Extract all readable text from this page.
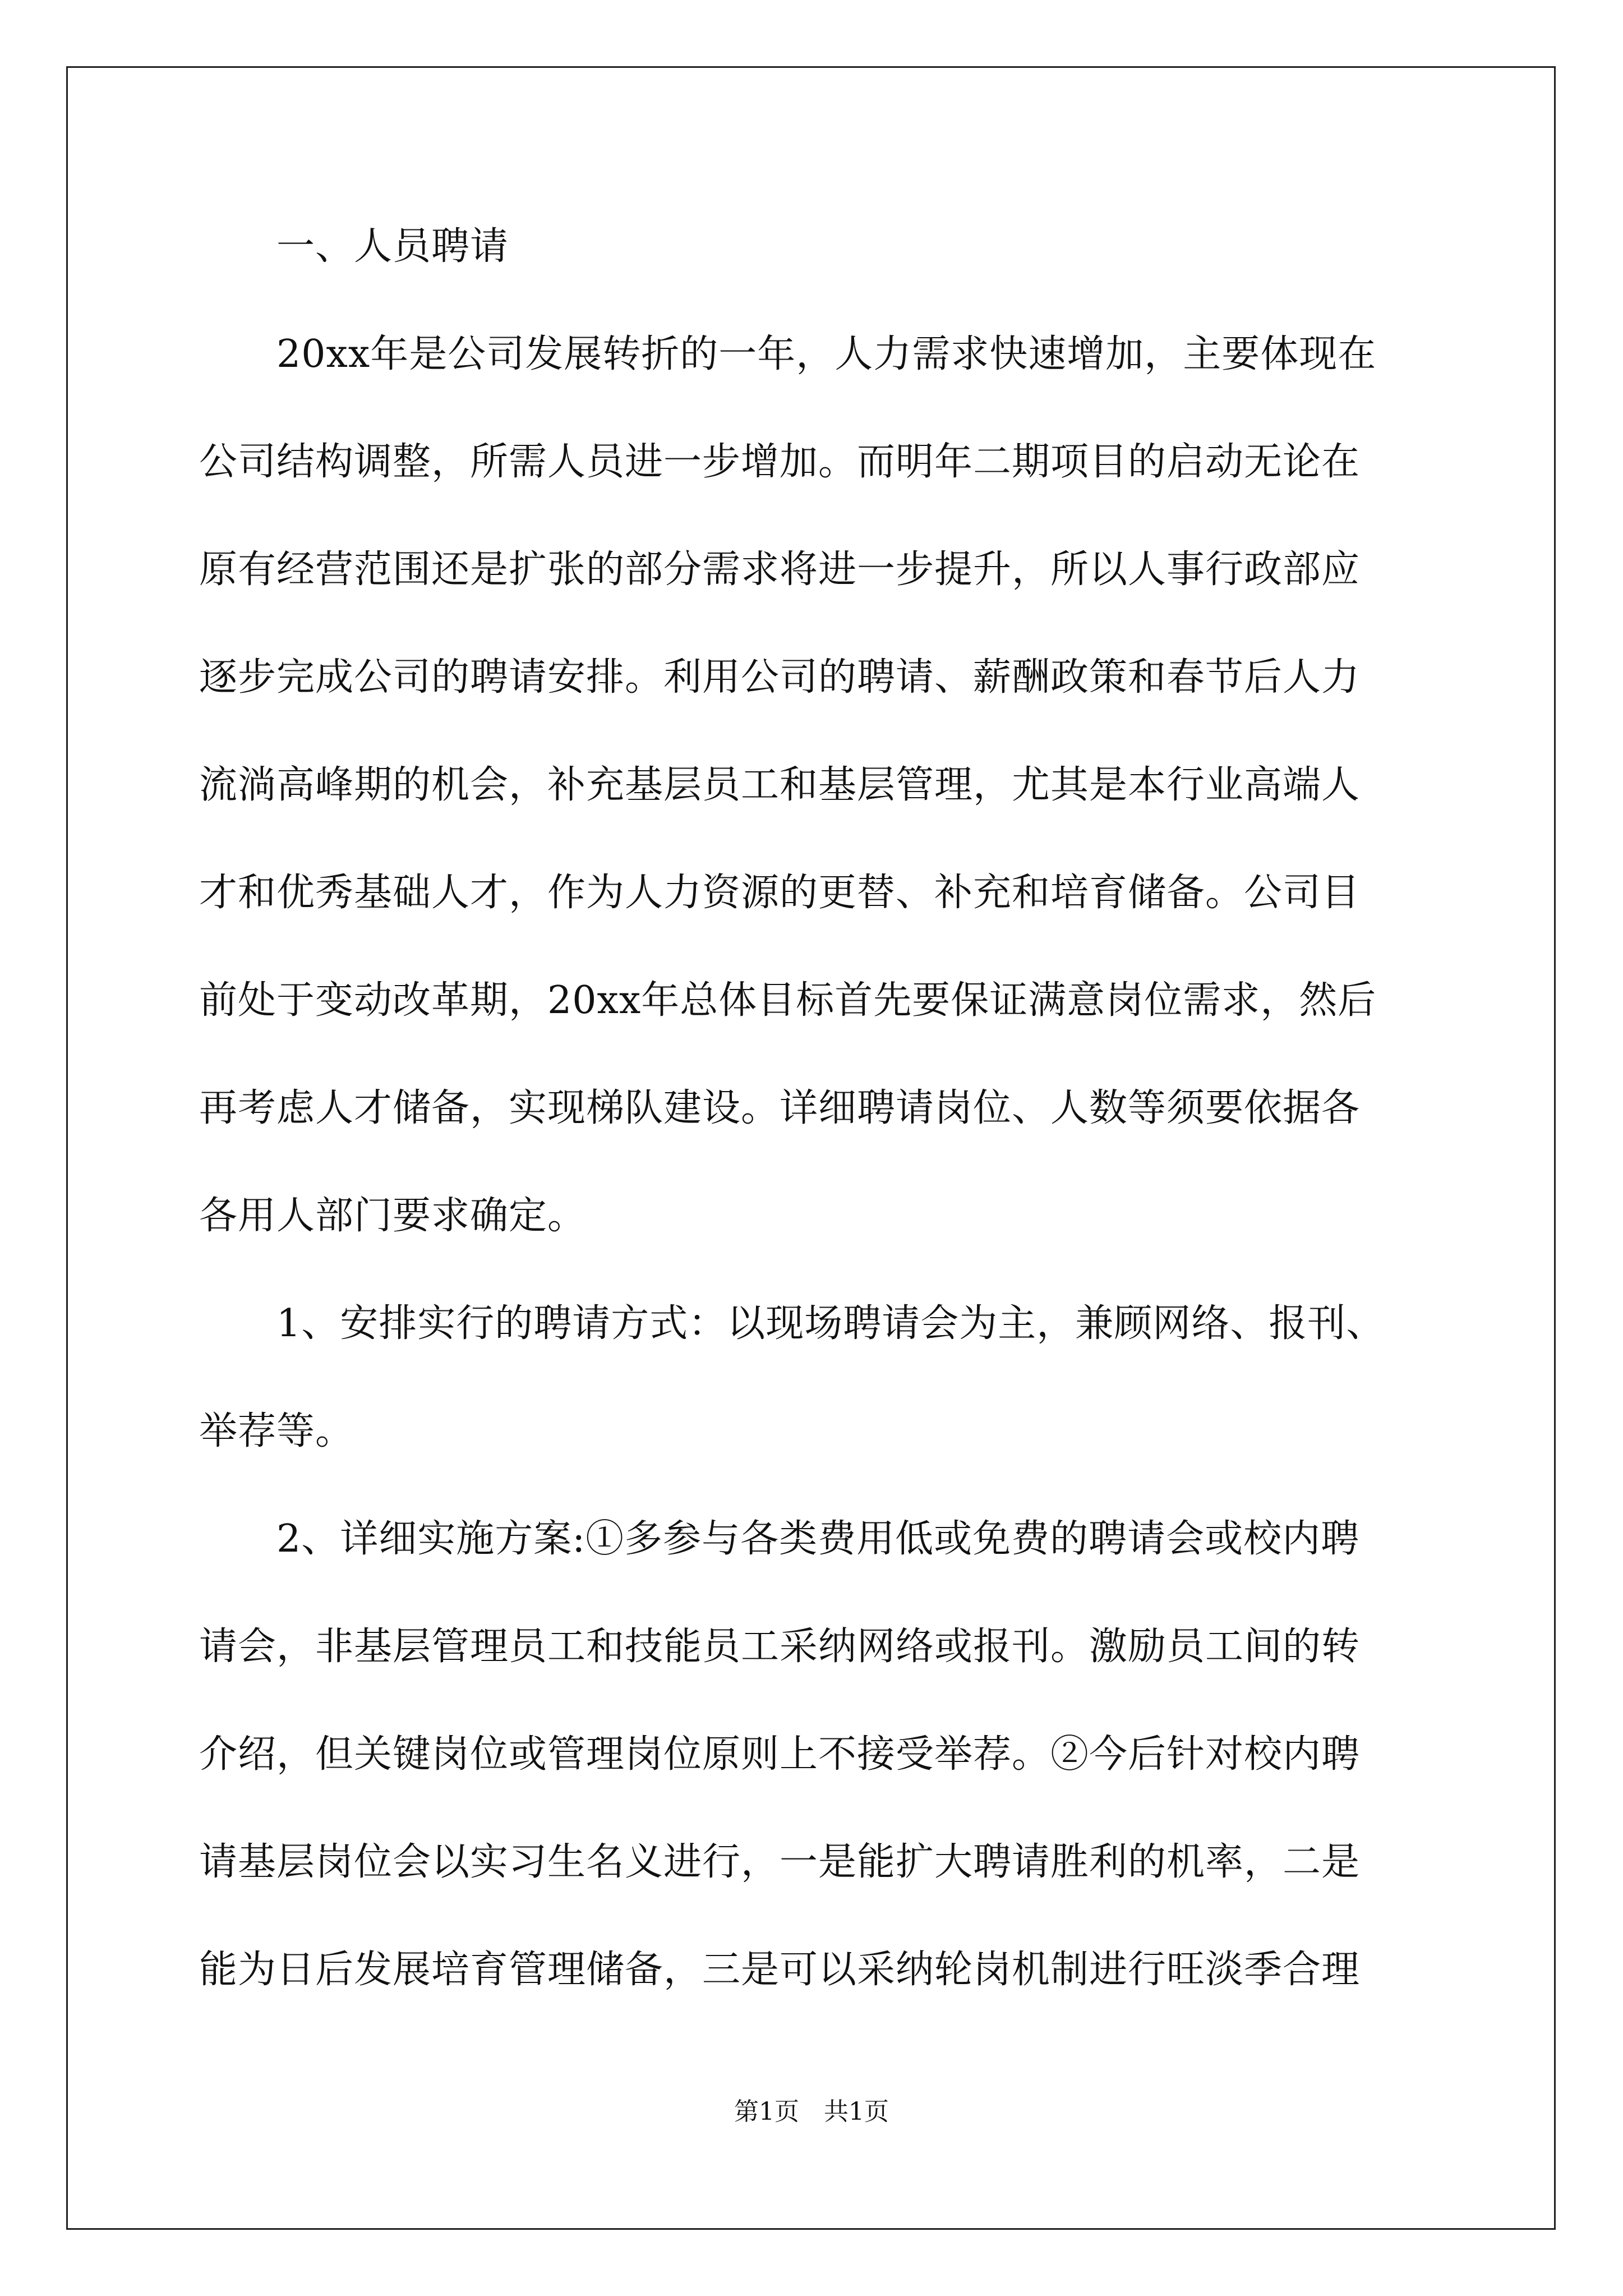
　　一、人员聘请
　　20xx年是公司发展转折的一年，人力需求快速增加，主要体现在
公司结构调整，所需人员进一步增加。而明年二期项目的启动无论在
原有经营范围还是扩张的部分需求将进一步提升，所以人事行政部应
逐步完成公司的聘请安排。利用公司的聘请、薪酬政策和春节后人力
流淌高峰期的机会，补充基层员工和基层管理，尤其是本行业高端人
才和优秀基础人才，作为人力资源的更替、补充和培育储备。公司目
前处于变动改革期，20xx年总体目标首先要保证满意岗位需求，然后
再考虑人才储备，实现梯队建设。详细聘请岗位、人数等须要依据各
各用人部门要求确定。
　　1、安排实行的聘请方式：以现场聘请会为主，兼顾网络、报刊、
举荐等。
　　2、详细实施方案:①多参与各类费用低或免费的聘请会或校内聘
请会，非基层管理员工和技能员工采纳网络或报刊。激励员工间的转
介绍，但关键岗位或管理岗位原则上不接受举荐。②今后针对校内聘
请基层岗位会以实习生名义进行，一是能扩大聘请胜利的机率，二是
能为日后发展培育管理储备，三是可以采纳轮岗机制进行旺淡季合理
第1页　共1页
